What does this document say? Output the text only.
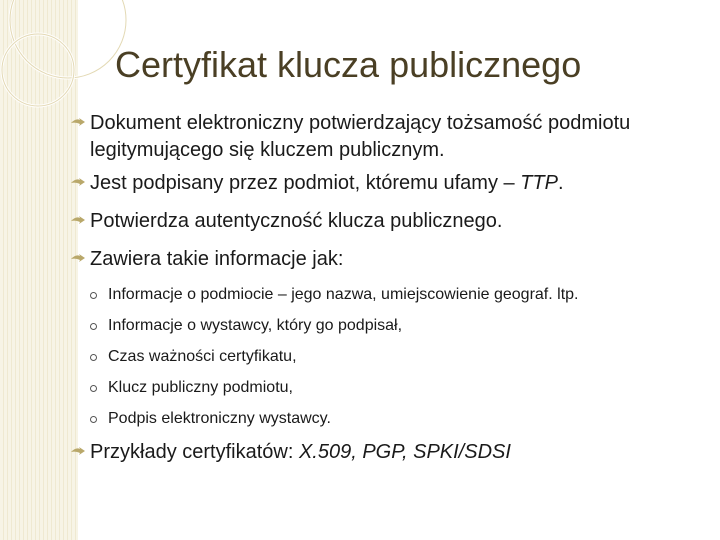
Certyfikat klucza publicznego
Dokument elektroniczny potwierdzający tożsamość podmiotu legitymującego się kluczem publicznym.
Jest podpisany przez podmiot, któremu ufamy – TTP.
Potwierdza autentyczność klucza publicznego.
Zawiera takie informacje jak:
Informacje o podmiocie – jego nazwa, umiejscowienie geograf. ltp.
Informacje o wystawcy, który go podpisał,
Czas ważności certyfikatu,
Klucz publiczny podmiotu,
Podpis elektroniczny wystawcy.
Przykłady certyfikatów: X.509, PGP, SPKI/SDSI
